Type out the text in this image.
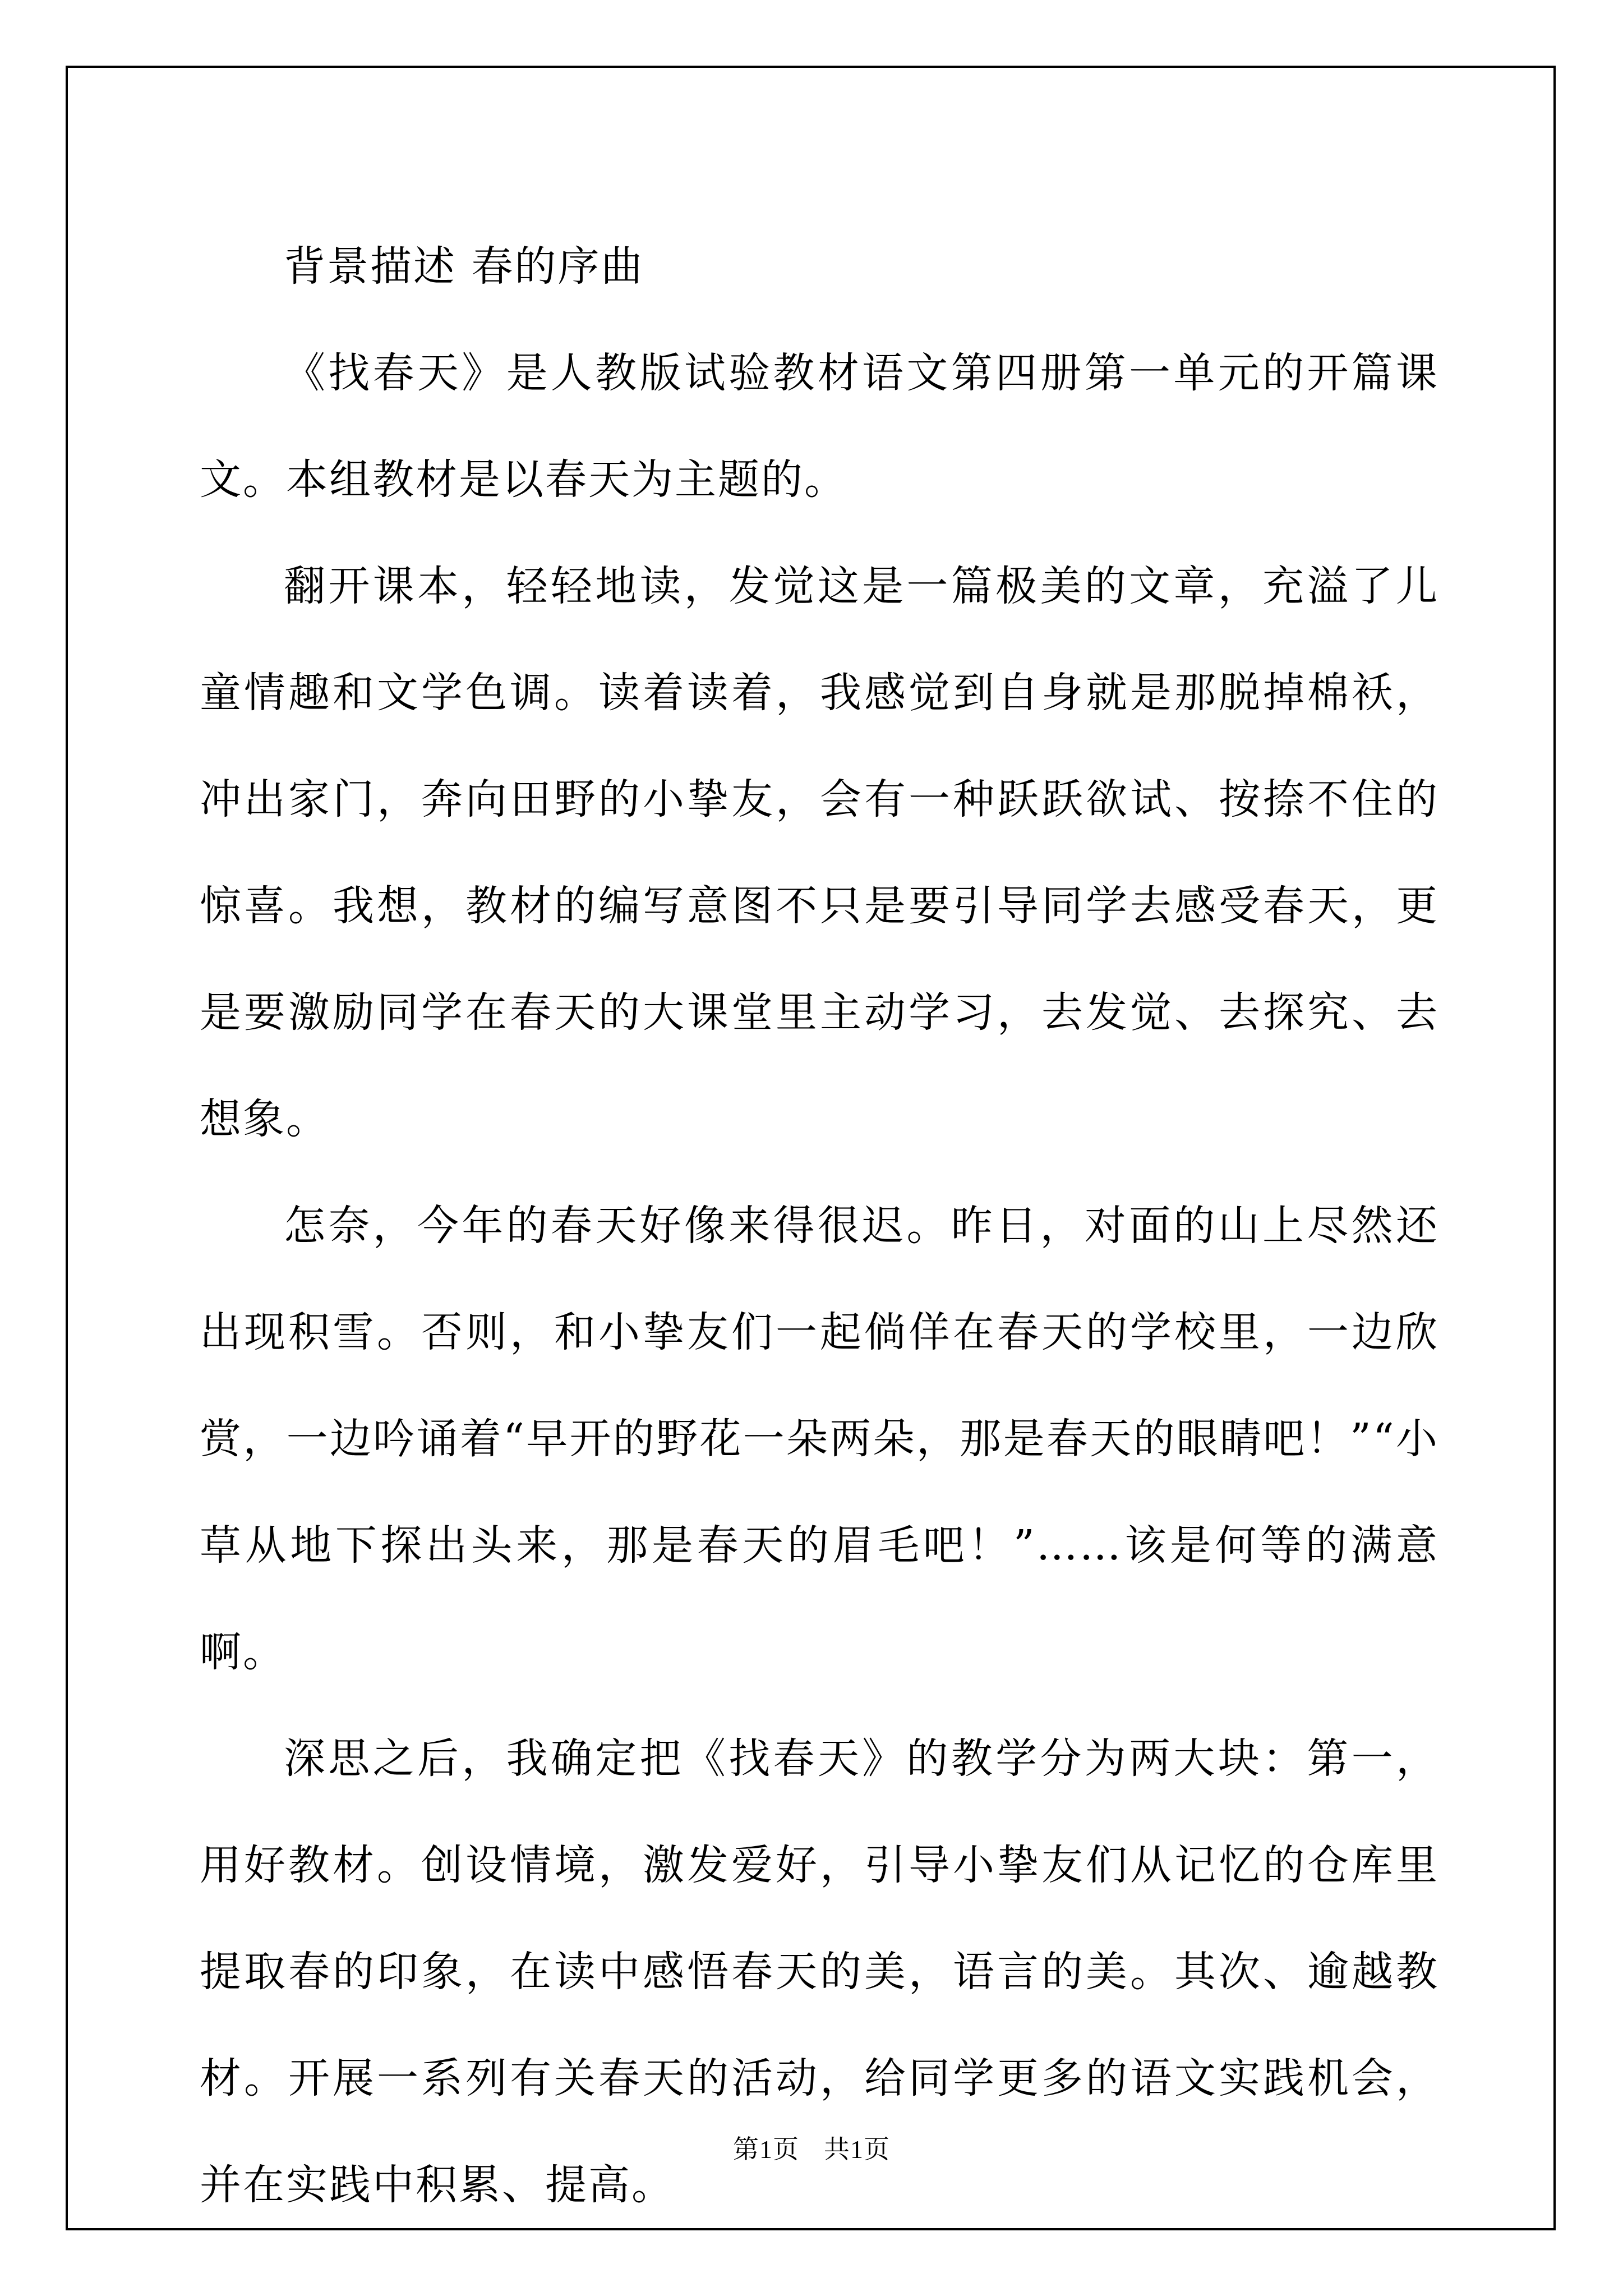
背景描述 春的序曲

《找春天》是人教版试验教材语文第四册第一单元的开篇课文。本组教材是以春天为主题的。

翻开课本，轻轻地读，发觉这是一篇极美的文章，充溢了儿童情趣和文学色调。读着读着，我感觉到自身就是那脱掉棉袄，冲出家门，奔向田野的小挚友，会有一种跃跃欲试、按捺不住的惊喜。我想，教材的编写意图不只是要引导同学去感受春天，更是要激励同学在春天的大课堂里主动学习，去发觉、去探究、去想象。

怎奈，今年的春天好像来得很迟。昨日，对面的山上尽然还出现积雪。否则，和小挚友们一起倘佯在春天的学校里，一边欣赏，一边吟诵着“早开的野花一朵两朵，那是春天的眼睛吧！”“小草从地下探出头来，那是春天的眉毛吧！”……该是何等的满意啊。

深思之后，我确定把《找春天》的教学分为两大块：第一，用好教材。创设情境，激发爱好，引导小挚友们从记忆的仓库里提取春的印象，在读中感悟春天的美，语言的美。其次、逾越教材。开展一系列有关春天的活动，给同学更多的语文实践机会，并在实践中积累、提高。

第1页 共1页
